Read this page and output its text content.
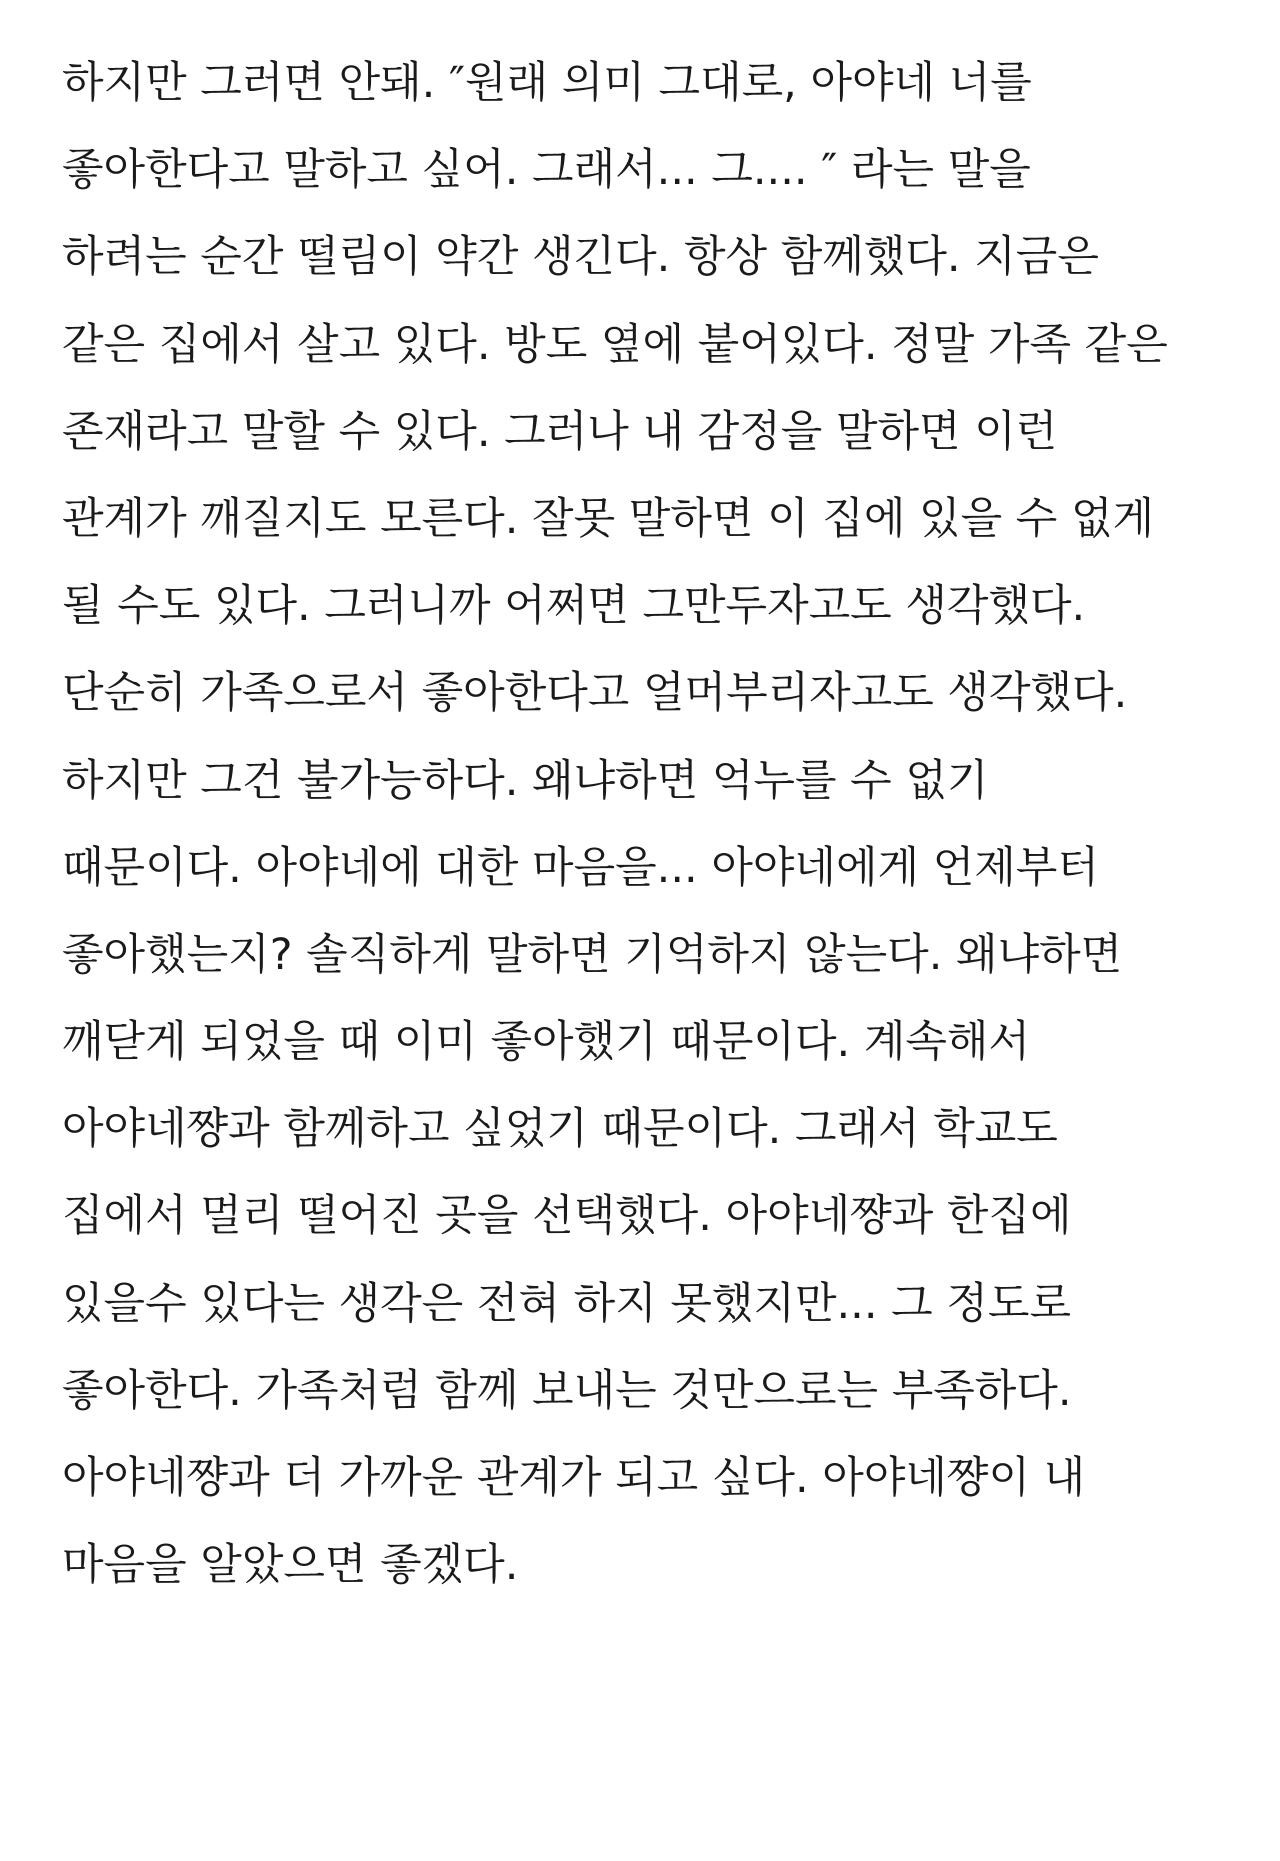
하지만 그러면 안돼. ″원래 의미 그대로, 아야네 너를
좋아한다고 말하고 싶어. 그래서... 그.... ″ 라는 말을
하려는 순간 떨림이 약간 생긴다. 항상 함께했다. 지금은
같은 집에서 살고 있다. 방도 옆에 붙어있다. 정말 가족 같은
존재라고 말할 수 있다. 그러나 내 감정을 말하면 이런
관계가 깨질지도 모른다. 잘못 말하면 이 집에 있을 수 없게
될 수도 있다. 그러니까 어쩌면 그만두자고도 생각했다.
단순히 가족으로서 좋아한다고 얼머부리자고도 생각했다.
하지만 그건 불가능하다. 왜냐하면 억누를 수 없기
때문이다. 아야네에 대한 마음을... 아야네에게 언제부터
좋아했는지? 솔직하게 말하면 기억하지 않는다. 왜냐하면
깨닫게 되었을 때 이미 좋아했기 때문이다. 계속해서
아야네쨩과 함께하고 싶었기 때문이다. 그래서 학교도
집에서 멀리 떨어진 곳을 선택했다. 아야네쨩과 한집에
있을수 있다는 생각은 전혀 하지 못했지만... 그 정도로
좋아한다. 가족처럼 함께 보내는 것만으로는 부족하다.
아야네쨩과 더 가까운 관계가 되고 싶다. 아야네쨩이 내
마음을 알았으면 좋겠다.
